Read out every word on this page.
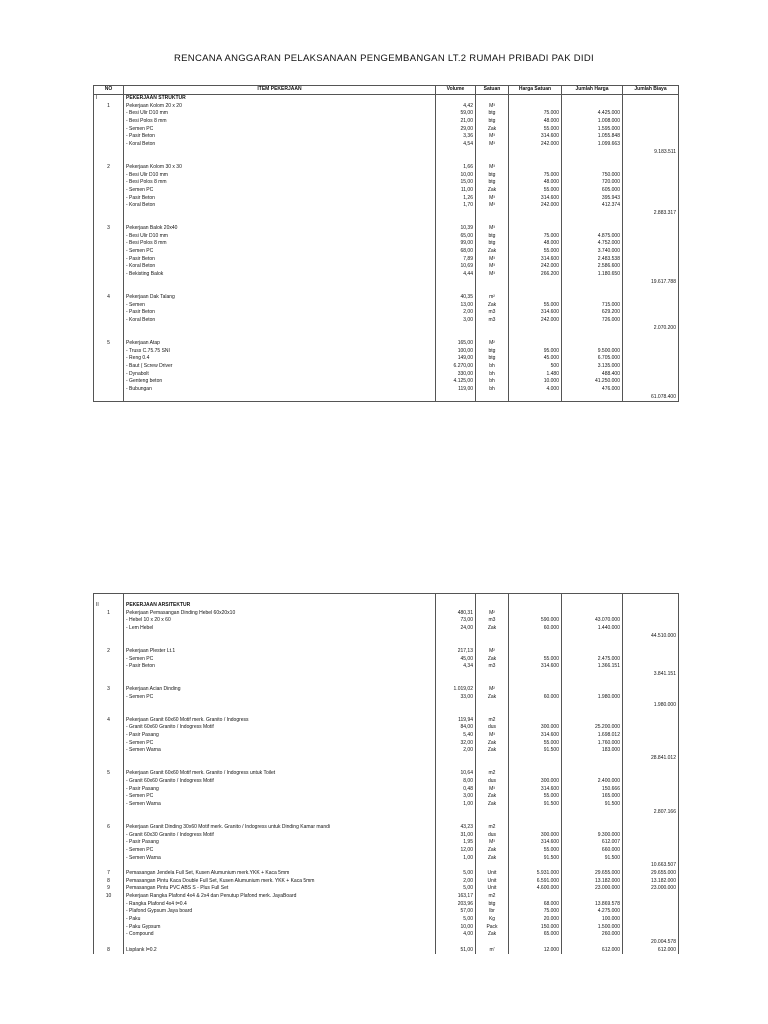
RENCANA ANGGARAN PELAKSANAAN PENGEMBANGAN LT.2 RUMAH PRIBADI PAK DIDI
NO	ITEM PEKERJAAN	Volume	Satuan	Harga Satuan	Jumlah Harga	Jumlah Biaya
I	PEKERJAAN STRUKTUR					
1	Pekerjaan Kolom 20 x 20	4,42	M³			
	- Besi Ulir D10 mm	59,00	btg	75.000	4.425.000	
	- Besi Polos 8 mm	21,00	btg	48.000	1.008.000	
	- Semen PC	29,00	Zak	55.000	1.595.000	
	- Pasir Beton	3,36	M³	314.600	1.055.848	
	- Koral Beton	4,54	M³	242.000	1.099.663	
						9.183.511

2	Pekerjaan Kolom 30 x 30	1,66	M³			
	- Besi Ulir D10 mm	10,00	btg	75.000	750.000	
	- Besi Polos 8 mm	15,00	btg	48.000	720.000	
	- Semen PC	11,00	Zak	55.000	605.000	
	- Pasir Beton	1,26	M³	314.600	395.943	
	- Koral Beton	1,70	M³	242.000	412.374	
						2.883.317

3	Pekerjaan Balok 20x40	10,39	M³			
	- Besi Ulir D10 mm	65,00	btg	75.000	4.875.000	
	- Besi Polos 8 mm	99,00	btg	48.000	4.752.000	
	- Semen PC	68,00	Zak	55.000	3.740.000	
	- Pasir Beton	7,89	M³	314.600	2.483.538	
	- Koral Beton	10,69	M³	242.000	2.586.600	
	- Bekisting Balok	4,44	M³	266.200	1.180.650	
						19.617.788

4	Pekerjaan Dak Talang	40,35	m²			
	- Semen	13,00	Zak	55.000	715.000	
	- Pasir Beton	2,00	m3	314.600	629.200	
	- Koral Beton	3,00	m3	242.000	726.000	
						2.070.200

5	Pekerjaan Atap	165,00	M²			
	- Truss C.75.75 SNI	100,00	btg	95.000	9.500.000	
	- Reng 0.4	149,00	btg	45.000	6.705.000	
	- Baut ( Screw Driver	6.270,00	bh	500	3.135.000	
	- Dynabolt	330,00	bh	1.480	488.400	
	- Genteng beton	4.125,00	bh	10.000	41.250.000	
	- Bubungan	119,00	bh	4.000	476.000	
						61.078.400

II	PEKERJAAN ARSITEKTUR					
1	Pekerjaan Pemasangan Dinding Hebel 60x20x10	480,31	M²			
	- Hebel 10 x 20 x 60	73,00	m3	590.000	43.070.000	
	- Lem Hebel	24,00	Zak	60.000	1.440.000	
						44.510.000

2	Pekerjaan Plester Lt.1	217,13	M²			
	- Semen PC	45,00	Zak	55.000	2.475.000	
	- Pasir Beton	4,34	m3	314.600	1.366.151	
						3.841.151

3	Pekerjaan Acian Dinding	1.019,02	M²			
	- Semen PC	33,00	Zak	60.000	1.980.000	
						1.980.000

4	Pekerjaan Granit 60x60 Motif merk. Granito / Indogress	119,94	m2			
	- Granit 60x60 Granito / Indogress Motif	84,00	dus	300.000	25.200.000	
	- Pasir Pasang	5,40	M³	314.600	1.698.012	
	- Semen PC	32,00	Zak	55.000	1.760.000	
	- Semen Warna	2,00	Zak	91.500	183.000	
						28.841.012

5	Pekerjaan Granit 60x60 Motif merk. Granito / Indogress untuk Toilet	10,64	m2			
	- Granit 60x60 Granito / Indogress Motif	8,00	dus	300.000	2.400.000	
	- Pasir Pasang	0,48	M³	314.600	150.666	
	- Semen PC	3,00	Zak	55.000	165.000	
	- Semen Warna	1,00	Zak	91.500	91.500	
						2.807.166

6	Pekerjaan Granit Dinding 30x60 Motif merk. Granito / Indogress untuk Dinding Kamar mandi	43,23	m2			
	- Granit 60x30 Granito / Indogress Motif	31,00	dus	300.000	9.300.000	
	- Pasir Pasang	1,95	M³	314.600	612.007	
	- Semen PC	12,00	Zak	55.000	660.000	
	- Semen Warna	1,00	Zak	91.500	91.500	
						10.663.507
7	Pemasangan Jendela Full Set, Kusen Alumunium merk.YKK + Kaca 5mm	5,00	Unit	5.931.000	29.655.000	29.655.000
8	Pemasangan Pintu Kaca Double Full Set, Kusen Alumunium merk. YKK + Kaca 5mm	2,00	Unit	6.591.000	13.182.000	13.182.000
9	Pemasangan Pintu PVC ABS S - Plus Full Set	5,00	Unit	4.600.000	23.000.000	23.000.000
10	Pekerjaan Rangka Plafond 4x4 & 2x4 dan Penutup Plafond merk. JayaBoard	163,17	m2			
	- Rangka Plafond 4x4 t=0.4	203,96	btg	68.000	13.869.578	
	- Plafond Gypsum Jaya board	57,00	lbr	75.000	4.275.000	
	- Paku	5,00	Kg	20.000	100.000	
	- Paku Gypsum	10,00	Pack	150.000	1.500.000	
	- Compound	4,00	Zak	65.000	260.000	
						20.004.578
8	Lisplank l=0.2	51,00	m'	12.000	612.000	612.000
